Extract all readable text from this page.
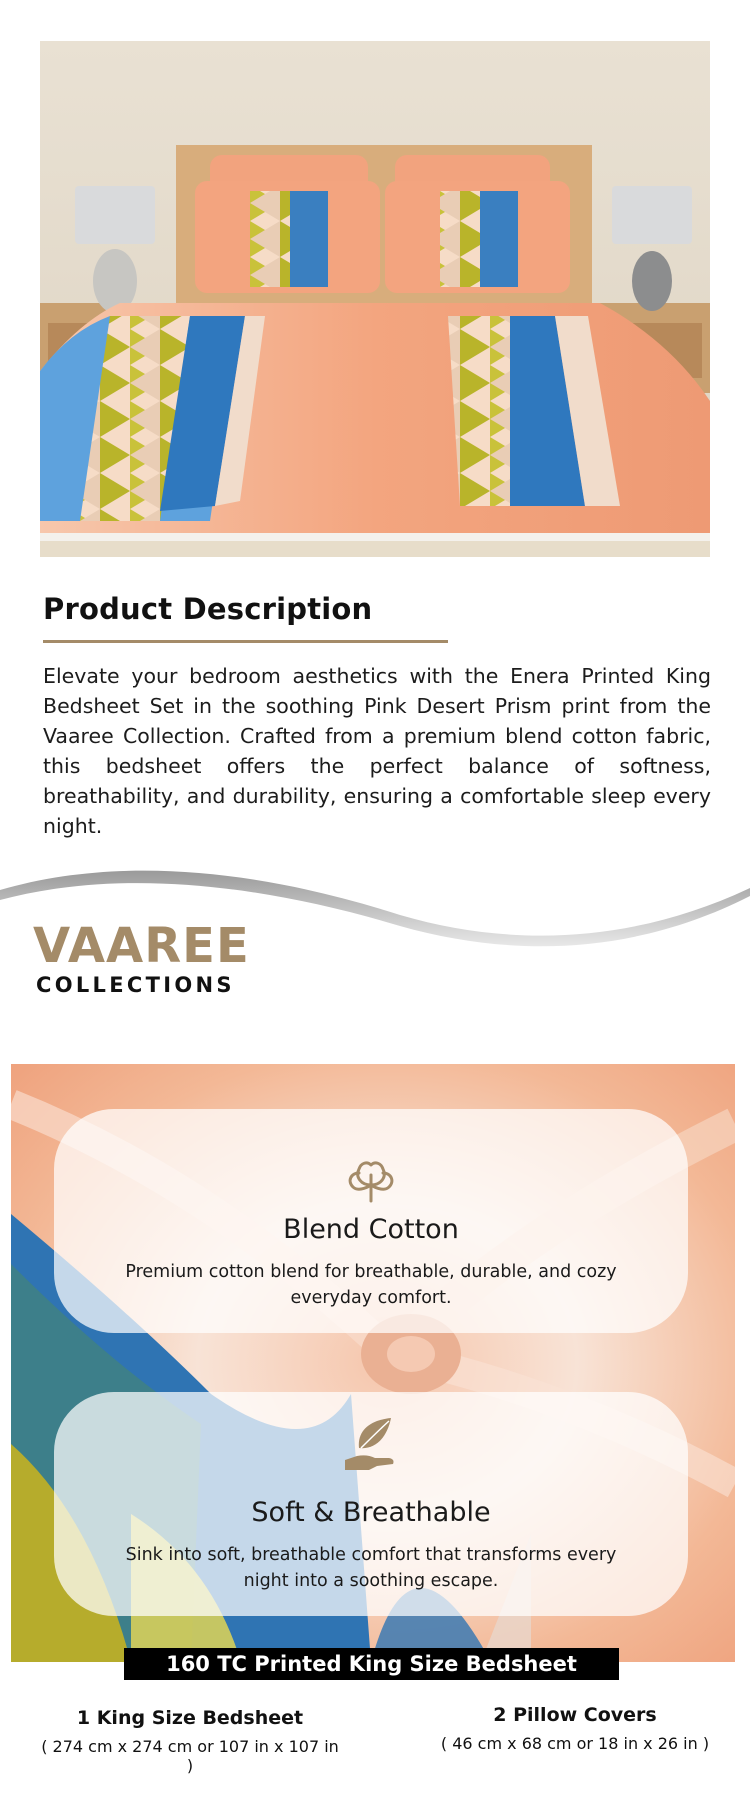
Product Description

Elevate your bedroom aesthetics with the Enera Printed King Bedsheet Set in the soothing Pink Desert Prism print from the Vaaree Collection. Crafted from a premium blend cotton fabric, this bedsheet offers the perfect balance of softness, breathability, and durability, ensuring a comfortable sleep every night.

VAAREE
COLLECTIONS
Blend Cotton
Premium cotton blend for breathable, durable, and cozy everyday comfort.
Soft & Breathable
Sink into soft, breathable comfort that transforms every night into a soothing escape.
160 TC Printed King Size Bedsheet
1 King Size Bedsheet
( 274 cm x 274 cm or 107 in x 107 in )
2 Pillow Covers
( 46 cm x 68 cm or 18 in x 26 in )
